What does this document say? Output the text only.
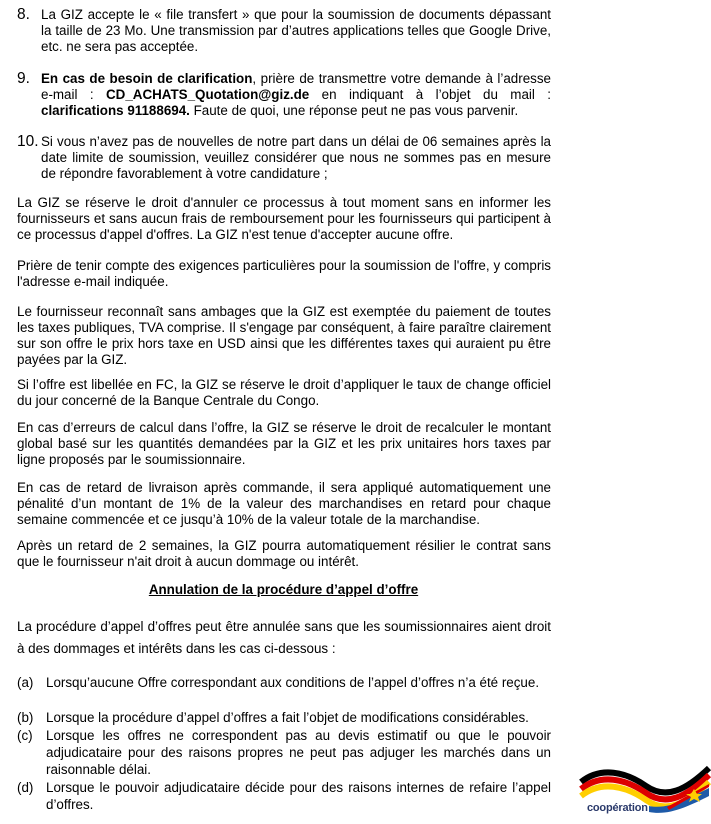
8. La GIZ accepte le « file transfert » que pour la soumission de documents dépassant la taille de 23 Mo. Une transmission par d’autres applications telles que Google Drive, etc. ne sera pas acceptée.
9. En cas de besoin de clarification, prière de transmettre votre demande à l’adresse e-mail : CD_ACHATS_Quotation@giz.de en indiquant à l’objet du mail : clarifications 91188694. Faute de quoi, une réponse peut ne pas vous parvenir.
10. Si vous n’avez pas de nouvelles de notre part dans un délai de 06 semaines après la date limite de soumission, veuillez considérer que nous ne sommes pas en mesure de répondre favorablement à votre candidature ;

La GIZ se réserve le droit d'annuler ce processus à tout moment sans en informer les fournisseurs et sans aucun frais de remboursement pour les fournisseurs qui participent à ce processus d'appel d'offres. La GIZ n'est tenue d'accepter aucune offre.

Prière de tenir compte des exigences particulières pour la soumission de l'offre, y compris l'adresse e-mail indiquée.

Le fournisseur reconnaît sans ambages que la GIZ est exemptée du paiement de toutes les taxes publiques, TVA comprise. Il s'engage par conséquent, à faire paraître clairement sur son offre le prix hors taxe en USD ainsi que les différentes taxes qui auraient pu être payées par la GIZ.

Si l’offre est libellée en FC, la GIZ se réserve le droit d’appliquer le taux de change officiel du jour concerné de la Banque Centrale du Congo.

En cas d’erreurs de calcul dans l’offre, la GIZ se réserve le droit de recalculer le montant global basé sur les quantités demandées par la GIZ et les prix unitaires hors taxes par ligne proposés par le soumissionnaire.

En cas de retard de livraison après commande, il sera appliqué automatiquement une pénalité d’un montant de 1% de la valeur des marchandises en retard pour chaque semaine commencée et ce jusqu’à 10% de la valeur totale de la marchandise.

Après un retard de 2 semaines, la GIZ pourra automatiquement résilier le contrat sans que le fournisseur n'ait droit à aucun dommage ou intérêt.

Annulation de la procédure d’appel d’offre

La procédure d’appel d’offres peut être annulée sans que les soumissionnaires aient droit à des dommages et intérêts dans les cas ci-dessous :

(a) Lorsqu’aucune Offre correspondant aux conditions de l’appel d’offres n’a été reçue.
(b) Lorsque la procédure d’appel d’offres a fait l’objet de modifications considérables.
(c) Lorsque les offres ne correspondent pas au devis estimatif ou que le pouvoir adjudicataire pour des raisons propres ne peut pas adjuger les marchés dans un raisonnable délai.
(d) Lorsque le pouvoir adjudicataire décide pour des raisons internes de refaire l’appel d’offres.	coopération
